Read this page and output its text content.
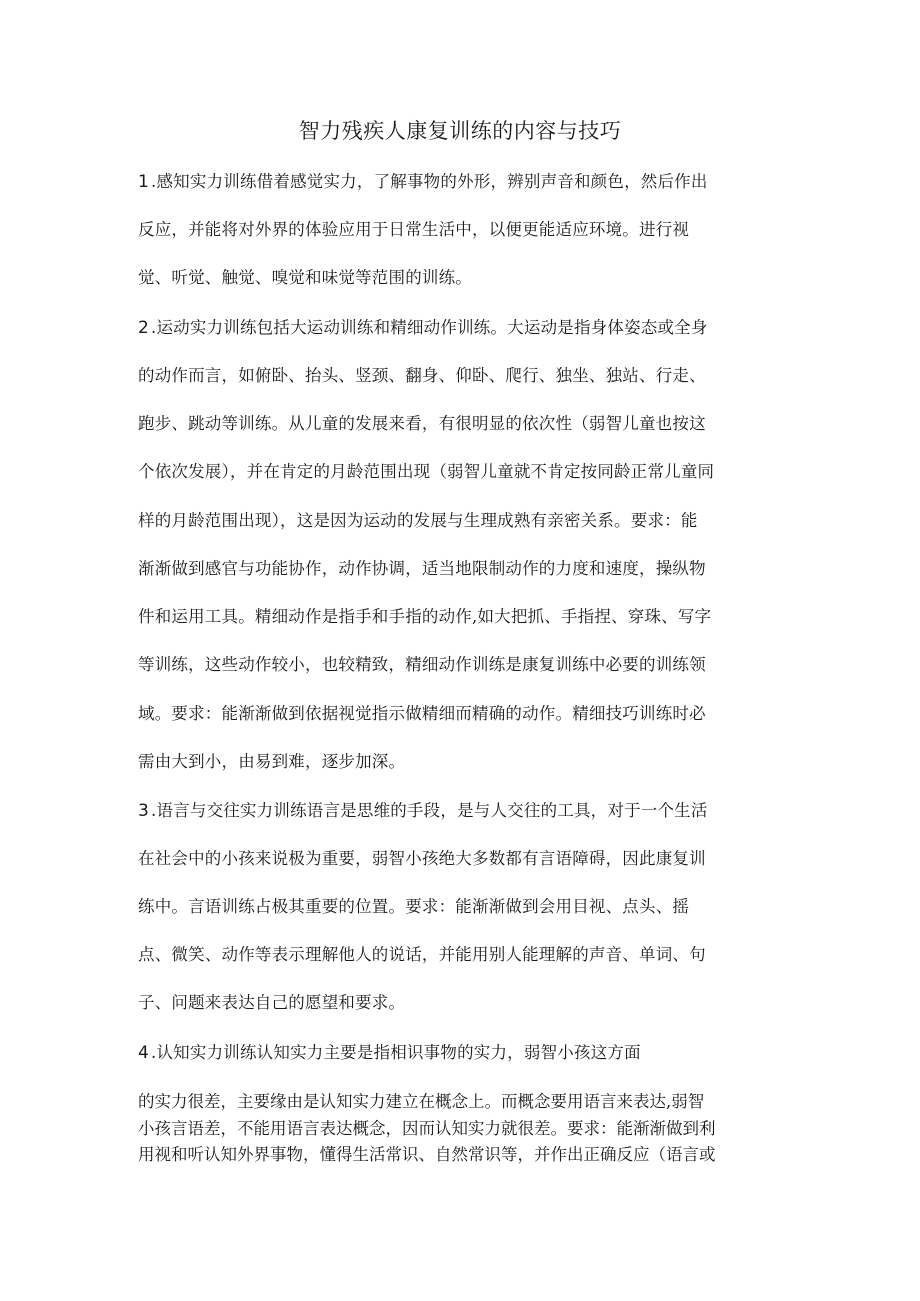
智力残疾人康复训练的内容与技巧
1 .感知实力训练借着感觉实力，了解事物的外形，辨别声音和颜色，然后作出
反应，并能将对外界的体验应用于日常生活中，以便更能适应环境。进行视
觉、听觉、触觉、嗅觉和味觉等范围的训练。
2 .运动实力训练包括大运动训练和精细动作训练。大运动是指身体姿态或全身
的动作而言，如俯卧、抬头、竖颈、翻身、仰卧、爬行、独坐、独站、行走、
跑步、跳动等训练。从儿童的发展来看，有很明显的依次性（弱智儿童也按这
个依次发展），并在肯定的月龄范围出现（弱智儿童就不肯定按同龄正常儿童同
样的月龄范围出现），这是因为运动的发展与生理成熟有亲密关系。要求：能
渐渐做到感官与功能协作，动作协调，适当地限制动作的力度和速度，操纵物
件和运用工具。精细动作是指手和手指的动作,如大把抓、手指捏、穿珠、写字
等训练，这些动作较小，也较精致，精细动作训练是康复训练中必要的训练领
域。要求：能渐渐做到依据视觉指示做精细而精确的动作。精细技巧训练时必
需由大到小，由易到难，逐步加深。
3 .语言与交往实力训练语言是思维的手段，是与人交往的工具，对于一个生活
在社会中的小孩来说极为重要，弱智小孩绝大多数都有言语障碍，因此康复训
练中。言语训练占极其重要的位置。要求：能渐渐做到会用目视、点头、摇
点、微笑、动作等表示理解他人的说话，并能用别人能理解的声音、单词、句
子、问题来表达自己的愿望和要求。
4 .认知实力训练认知实力主要是指相识事物的实力，弱智小孩这方面
的实力很差，主要缘由是认知实力建立在概念上。而概念要用语言来表达,弱智
小孩言语差，不能用语言表达概念，因而认知实力就很差。要求：能渐渐做到利
用视和听认知外界事物，懂得生活常识、自然常识等，并作出正确反应（语言或
